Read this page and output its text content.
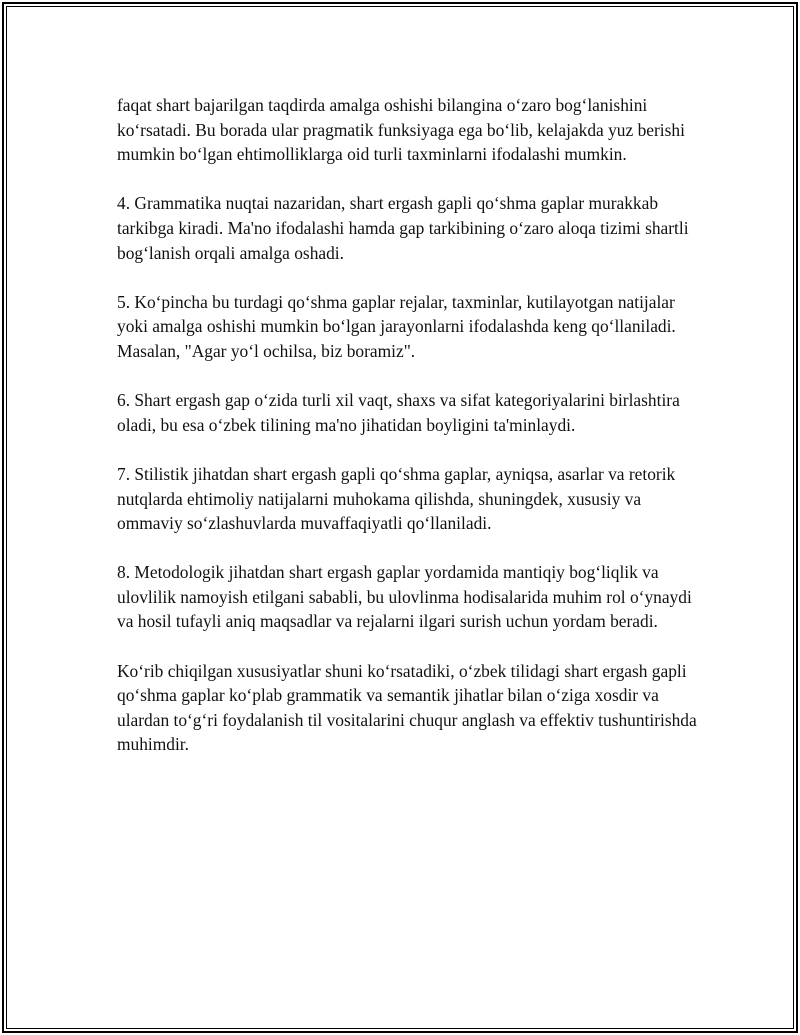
faqat shart bajarilgan taqdirda amalga oshishi bilangina oʻzaro bogʻlanishini koʻrsatadi. Bu borada ular pragmatik funksiyaga ega boʻlib, kelajakda yuz berishi mumkin boʻlgan ehtimolliklarga oid turli taxminlarni ifodalashi mumkin.

4. Grammatika nuqtai nazaridan, shart ergash gapli qoʻshma gaplar murakkab tarkibga kiradi. Ma'no ifodalashi hamda gap tarkibining oʻzaro aloqa tizimi shartli bogʻlanish orqali amalga oshadi.

5. Koʻpincha bu turdagi qoʻshma gaplar rejalar, taxminlar, kutilayotgan natijalar yoki amalga oshishi mumkin boʻlgan jarayonlarni ifodalashda keng qoʻllaniladi. Masalan, "Agar yoʻl ochilsa, biz boramiz".

6. Shart ergash gap oʻzida turli xil vaqt, shaxs va sifat kategoriyalarini birlashtira oladi, bu esa oʻzbek tilining ma'no jihatidan boyligini ta'minlaydi.

7. Stilistik jihatdan shart ergash gapli qoʻshma gaplar, ayniqsa, asarlar va retorik nutqlarda ehtimoliy natijalarni muhokama qilishda, shuningdek, xususiy va ommaviy soʻzlashuvlarda muvaffaqiyatli qoʻllaniladi.

8. Metodologik jihatdan shart ergash gaplar yordamida mantiqiy bogʻliqlik va ulovlilik namoyish etilgani sababli, bu ulovlinma hodisalarida muhim rol oʻynaydi va hosil tufayli aniq maqsadlar va rejalarni ilgari surish uchun yordam beradi.

Koʻrib chiqilgan xususiyatlar shuni koʻrsatadiki, oʻzbek tilidagi shart ergash gapli qoʻshma gaplar koʻplab grammatik va semantik jihatlar bilan oʻziga xosdir va ulardan toʻgʻri foydalanish til vositalarini chuqur anglash va effektiv tushuntirishda muhimdir.
